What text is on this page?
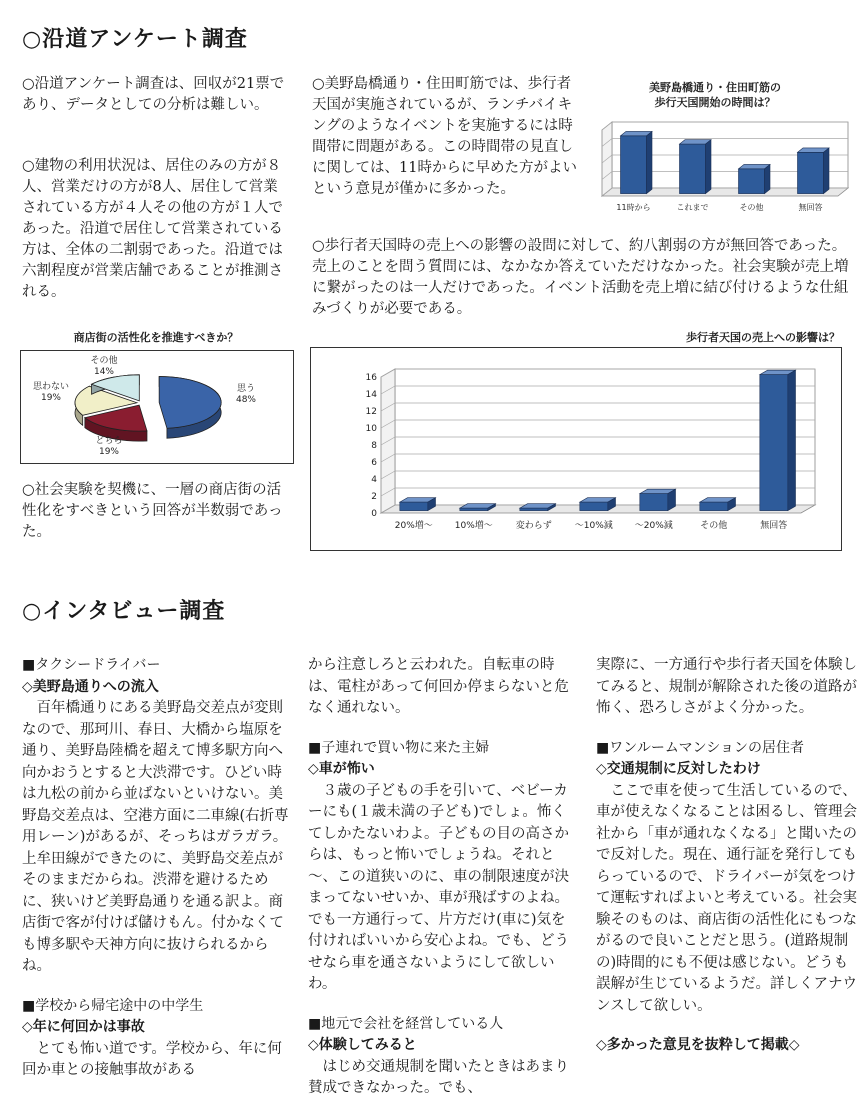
○沿道アンケート調査
○インタビュー調査

○沿道アンケート調査は、回収が21票であり、データとしての分析は難しい。

○建物の利用状況は、居住のみの方が８人、営業だけの方が8人、居住して営業されている方が４人その他の方が１人であった。沿道で居住して営業されている方は、全体の二割弱であった。沿道では六割程度が営業店舗であることが推測される。

○社会実験を契機に、一層の商店街の活性化をすべきという回答が半数弱であった。

○美野島橋通り・住田町筋では、歩行者天国が実施されているが、ランチバイキングのようなイベントを実施するには時間帯に問題がある。この時間帯の見直しに関しては、11時からに早めた方がよいという意見が僅かに多かった。

○歩行者天国時の売上への影響の設問に対して、約八割弱の方が無回答であった。売上のことを問う質問には、なかなか答えていただけなかった。社会実験が売上増に繋がったのは一人だけであった。イベント活動を売上増に結び付けるような仕組みづくりが必要である。

商店街の活性化を推進すべきか？
思う
48%
どちら
19%
思わない
19%
その他
14%
美野島橋通り・住田町筋の
歩行天国開始の時間は？
11時から	これまで	その他	無回答
歩行者天国の売上への影響は？
0
2
4
6
8
10
12
14
16
20%増～ 10%増～	変わらず	～10%減 ～20%減	その他	無回答

■タクシードライバー

◇美野島通りへの流入

　百年橋通りにある美野島交差点が変則なので、那珂川、春日、大橋から塩原を通り、美野島陸橋を超えて博多駅方向へ向かおうとすると大渋滞です。ひどい時は九松の前から並ばないといけない。美野島交差点は、空港方面に二車線(右折専用レーン)があるが、そっちはガラガラ。上牟田線ができたのに、美野島交差点がそのままだからね。渋滞を避けるために、狭いけど美野島通りを通る訳よ。商店街で客が付けば儲けもん。付かなくても博多駅や天神方向に抜けられるからね。

■学校から帰宅途中の中学生

◇年に何回かは事故

　とても怖い道です。学校から、年に何回か車との接触事故がある

から注意しろと云われた。自転車の時は、電柱があって何回か停まらないと危なく通れない。

■子連れで買い物に来た主婦

◇車が怖い

　３歳の子どもの手を引いて、ベビーカーにも(１歳未満の子ども)でしょ。怖くてしかたないわよ。子どもの目の高さからは、もっと怖いでしょうね。それと～、この道狭いのに、車の制限速度が決まってないせいか、車が飛ばすのよね。でも一方通行って、片方だけ(車に)気を付ければいいから安心よね。でも、どうせなら車を通さないようにして欲しいわ。

■地元で会社を経営している人

◇体験してみると

　はじめ交通規制を聞いたときはあまり賛成できなかった。でも、

実際に、一方通行や歩行者天国を体験してみると、規制が解除された後の道路が怖く、恐ろしさがよく分かった。

■ワンルームマンションの居住者

◇交通規制に反対したわけ

　ここで車を使って生活しているので、車が使えなくなることは困るし、管理会社から「車が通れなくなる」と聞いたので反対した。現在、通行証を発行してもらっているので、ドライバーが気をつけて運転すればよいと考えている。社会実験そのものは、商店街の活性化にもつながるので良いことだと思う。(道路規制の)時間的にも不便は感じない。どうも誤解が生じているようだ。詳しくアナウンスして欲しい。

◇多かった意見を抜粋して掲載◇
